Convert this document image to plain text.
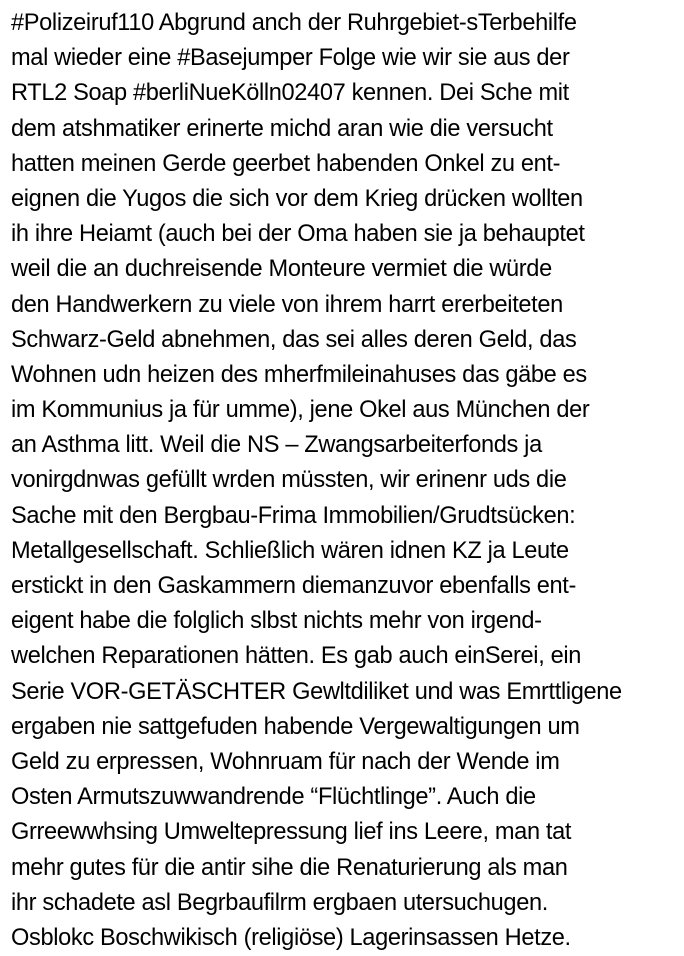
#Polizeiruf110 Abgrund anch der Ruhrgebiet-sTerbehilfe
mal wieder eine #Basejumper Folge wie wir sie aus der
RTL2 Soap #berliNueKölln02407 kennen. Dei Sche mit
dem atshmatiker erinerte michd aran wie die versucht
hatten meinen Gerde geerbet habenden Onkel zu ent-
eignen die Yugos die sich vor dem Krieg drücken wollten
ih ihre Heiamt (auch bei der Oma haben sie ja behauptet
weil die an duchreisende Monteure vermiet die würde
den Handwerkern zu viele von ihrem harrt ererbeiteten
Schwarz-Geld abnehmen, das sei alles deren Geld, das
Wohnen udn heizen des mherfmileinahuses das gäbe es
im Kommunius ja für umme), jene Okel aus München der
an Asthma litt. Weil die NS – Zwangsarbeiterfonds ja
vonirgdnwas gefüllt wrden müssten, wir erinenr uds die
Sache mit den Bergbau-Frima Immobilien/Grudtsücken:
Metallgesellschaft. Schließlich wären idnen KZ ja Leute
erstickt in den Gaskammern diemanzuvor ebenfalls ent-
eigent habe die folglich slbst nichts mehr von irgend-
welchen Reparationen hätten. Es gab auch einSerei, ein
Serie VOR-GETÄSCHTER Gewltdiliket und was Emrttligene
ergaben nie sattgefuden habende Vergewaltigungen um
Geld zu erpressen, Wohnruam für nach der Wende im
Osten Armutszuwwandrende “Flüchtlinge”. Auch die
Grreewwhsing Umweltepressung lief ins Leere, man tat
mehr gutes für die antir sihe die Renaturierung als man
ihr schadete asl Begrbaufilrm ergbaen utersuchugen.
Osblokc Boschwikisch (religiöse) Lagerinsassen Hetze.
